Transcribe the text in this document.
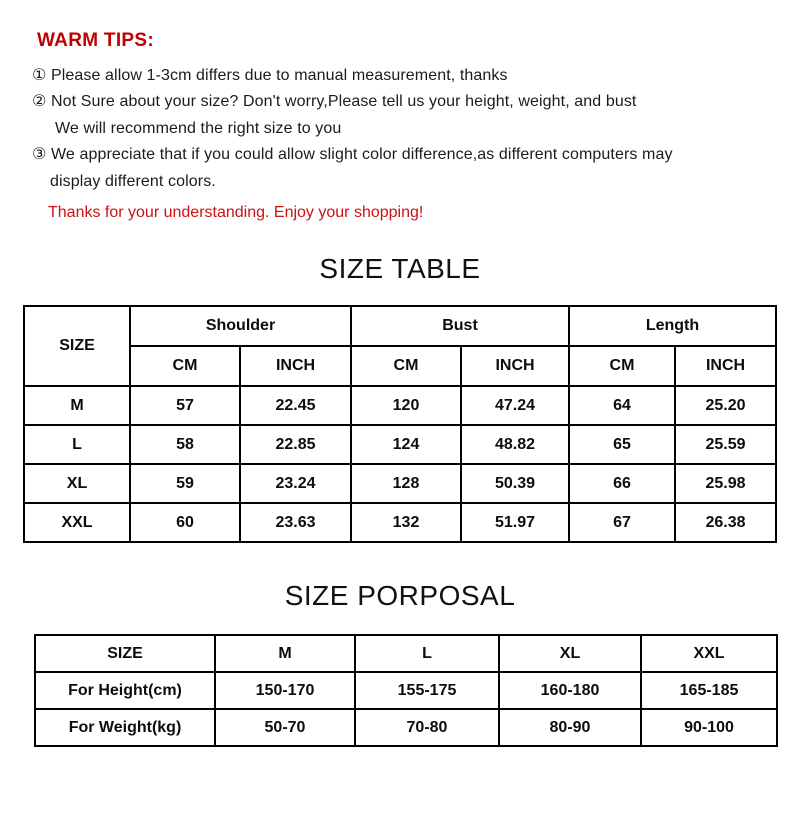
WARM TIPS:

① Please allow 1-3cm differs due to manual measurement, thanks

② Not Sure about your size? Don't worry,Please tell us your height, weight, and bust

We will recommend the right size to you

③ We appreciate that if you could allow slight color difference,as different computers may

display different colors.

Thanks for your understanding. Enjoy your shopping!

SIZE TABLE
SIZE	Shoulder		Bust		Length	
	CM	INCH	CM	INCH	CM	INCH
M	57	22.45	120	47.24	64	25.20
L	58	22.85	124	48.82	65	25.59
XL	59	23.24	128	50.39	66	25.98
XXL	60	23.63	132	51.97	67	26.38
SIZE PORPOSAL
SIZE	M	L	XL	XXL
For Height(cm)	150-170	155-175	160-180	165-185
For Weight(kg)	50-70	70-80	80-90	90-100
